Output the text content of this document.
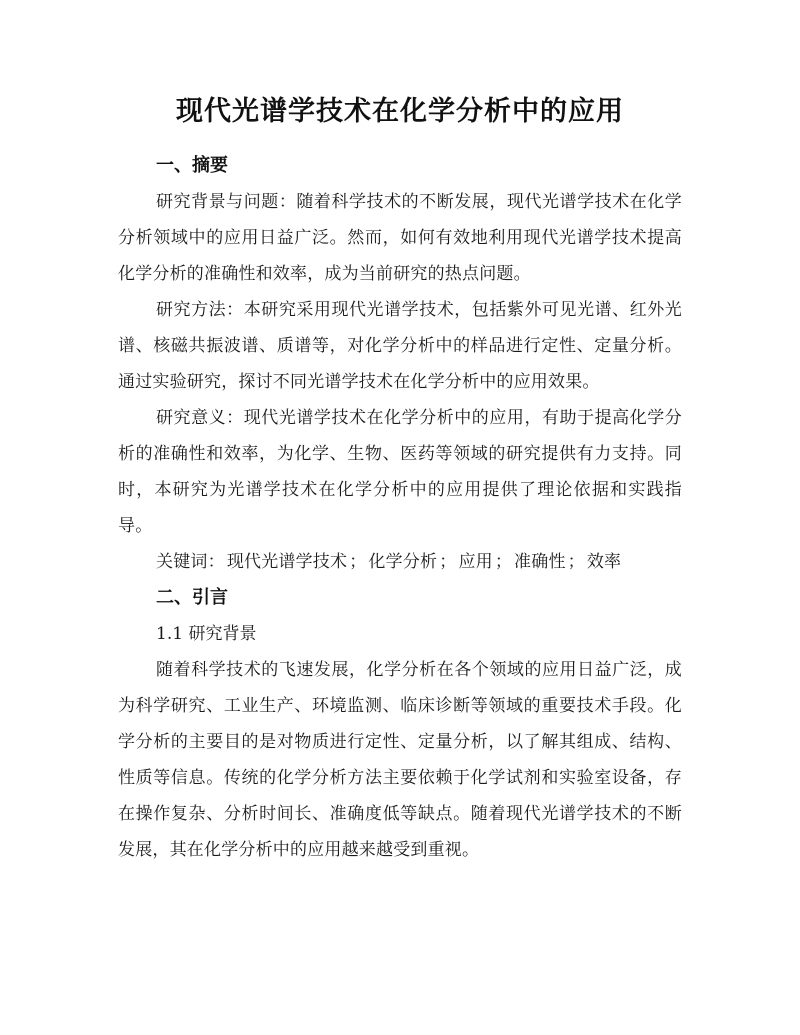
现代光谱学技术在化学分析中的应用
一、摘要

研究背景与问题：随着科学技术的不断发展，现代光谱学技术在化学分析领域中的应用日益广泛。然而，如何有效地利用现代光谱学技术提高化学分析的准确性和效率，成为当前研究的热点问题。

研究方法：本研究采用现代光谱学技术，包括紫外可见光谱、红外光谱、核磁共振波谱、质谱等，对化学分析中的样品进行定性、定量分析。通过实验研究，探讨不同光谱学技术在化学分析中的应用效果。

研究意义：现代光谱学技术在化学分析中的应用，有助于提高化学分析的准确性和效率，为化学、生物、医药等领域的研究提供有力支持。同时，本研究为光谱学技术在化学分析中的应用提供了理论依据和实践指导。

关键词： 现代光谱学技术 ； 化学分析 ； 应用 ； 准确性 ； 效率

二、引言
1.1 研究背景

随着科学技术的飞速发展，化学分析在各个领域的应用日益广泛，成为科学研究、工业生产、环境监测、临床诊断等领域的重要技术手段。化学分析的主要目的是对物质进行定性、定量分析，以了解其组成、结构、性质等信息。传统的化学分析方法主要依赖于化学试剂和实验室设备，存在操作复杂、分析时间长、准确度低等缺点。随着现代光谱学技术的不断发展，其在化学分析中的应用越来越受到重视。
